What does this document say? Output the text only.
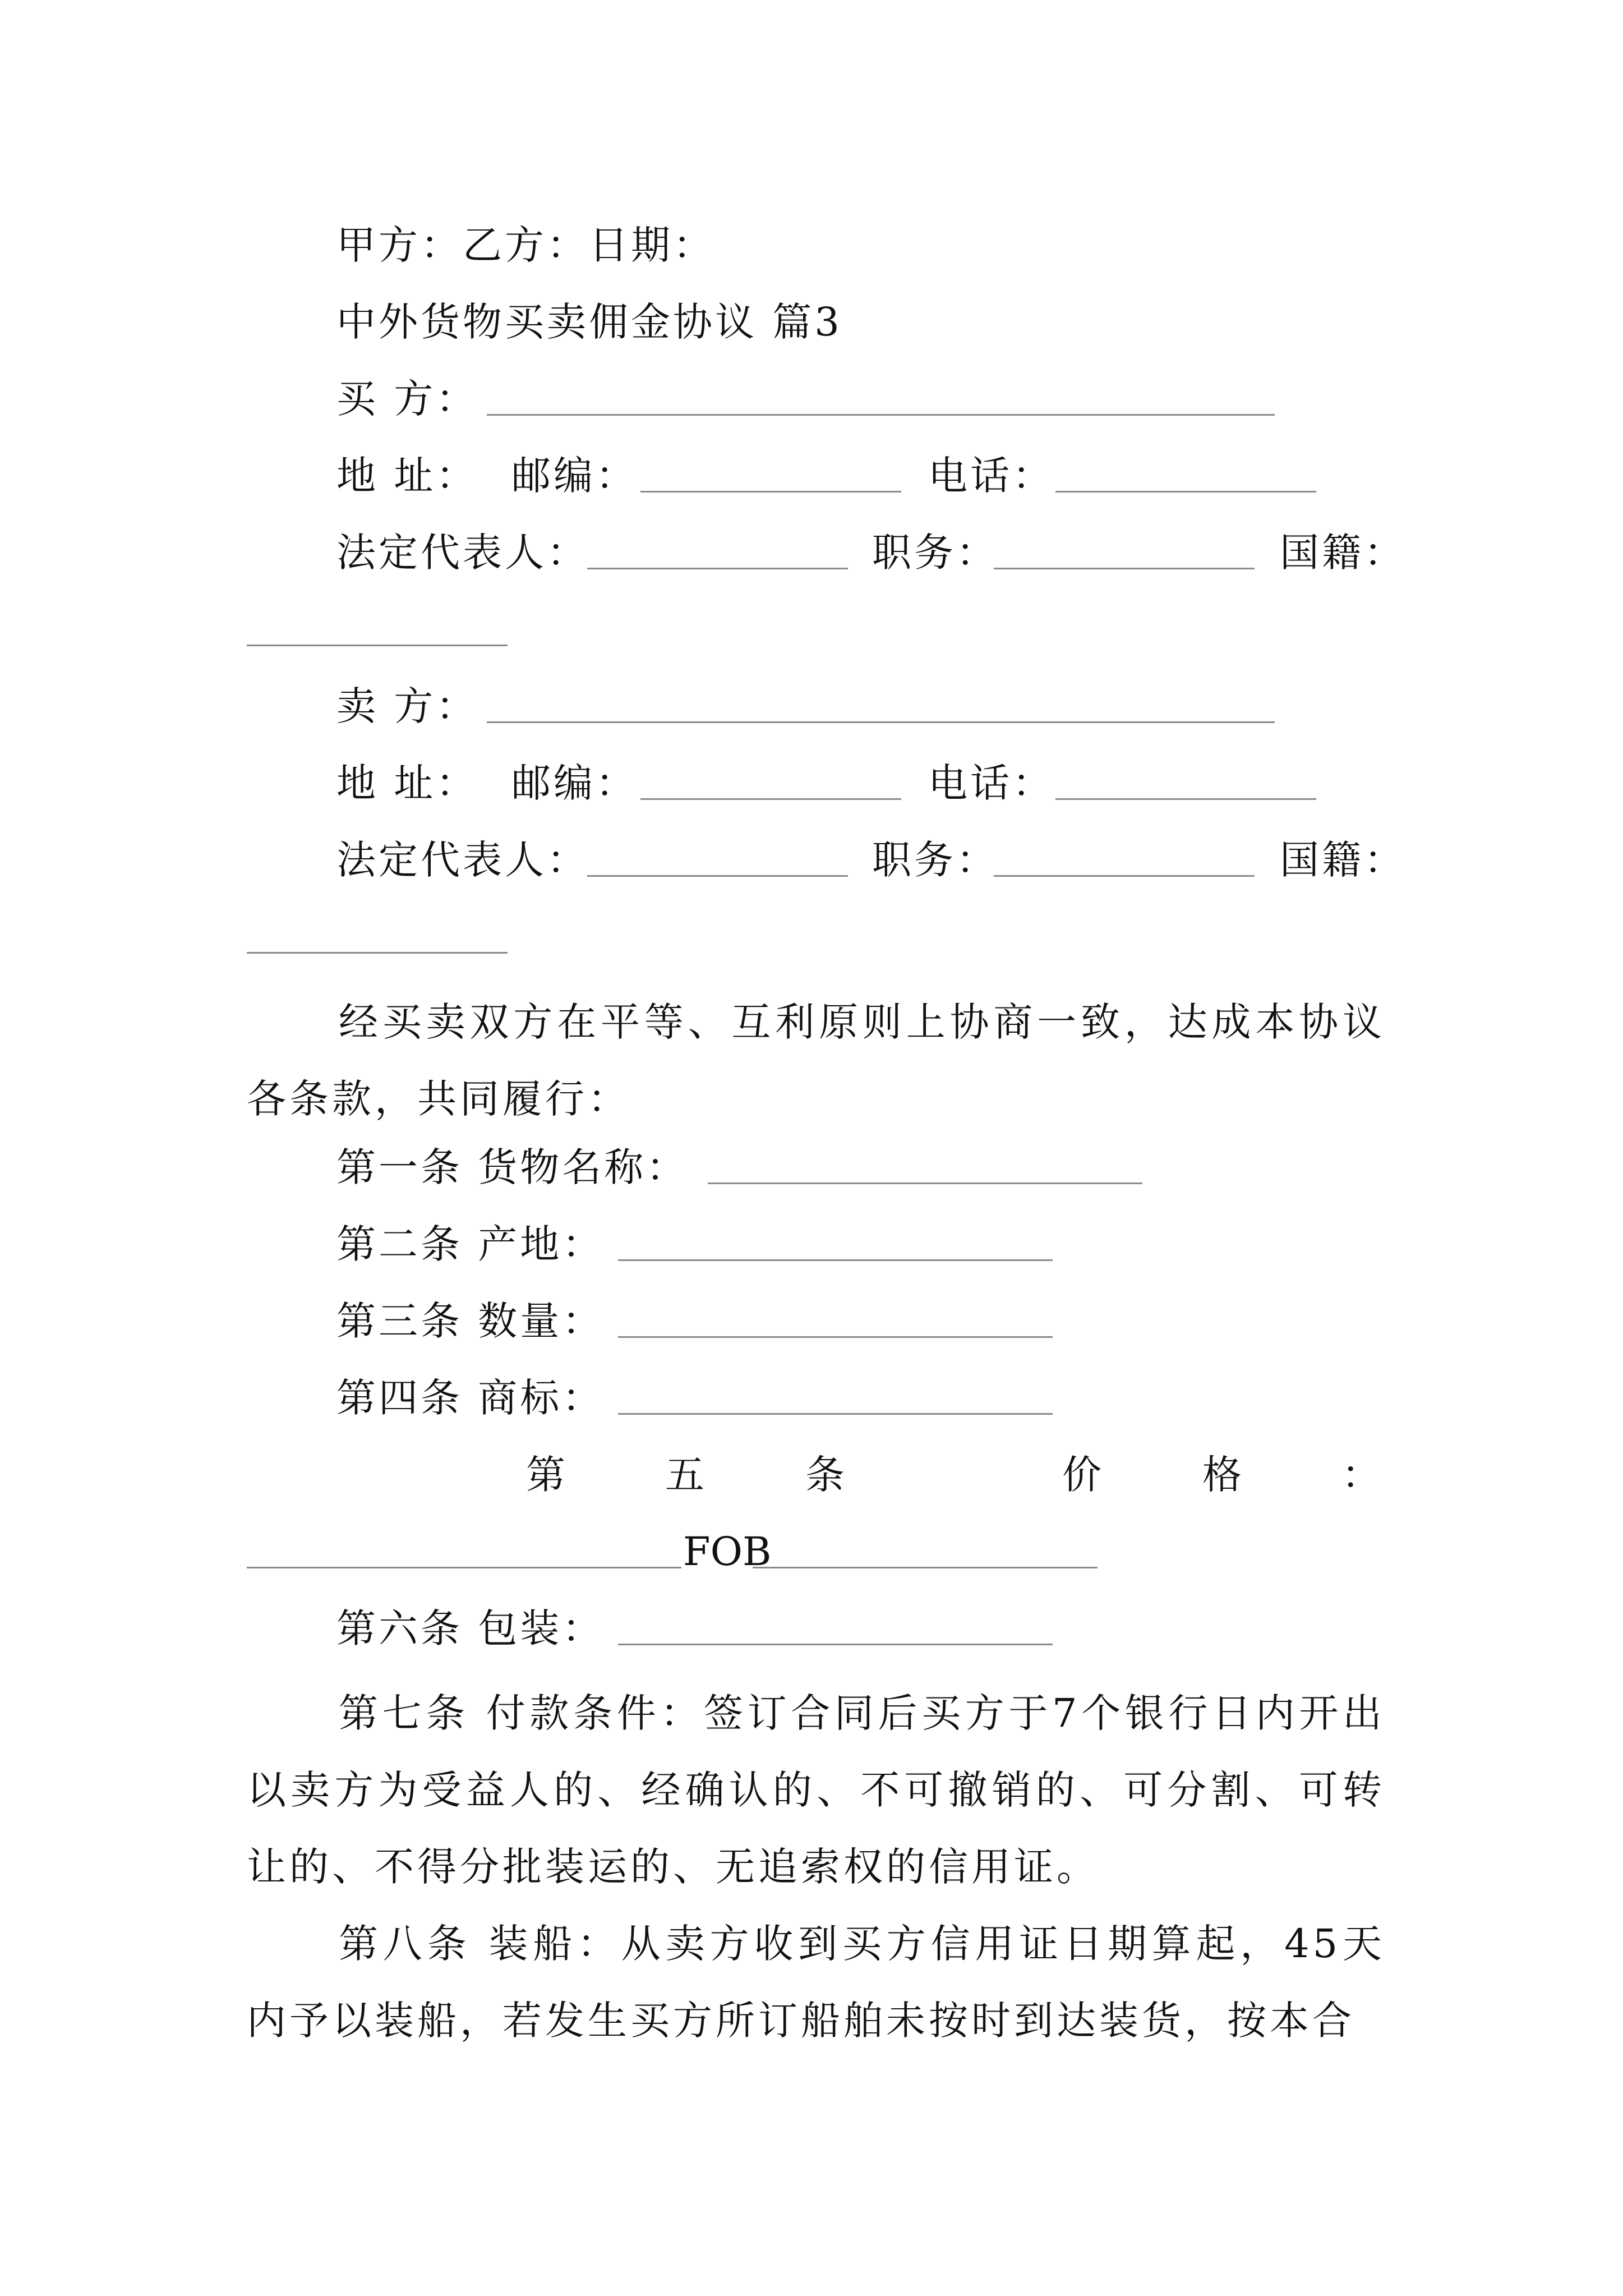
甲方：乙方：日期：
中外货物买卖佣金协议 篇3
买 方：
地 址： 邮编：	电话：
法定代表人：	职务：	国籍：
卖 方：
地 址： 邮编：	电话：
法定代表人：	职务：	国籍：
经买卖双方在平等、互利原则上协商一致，达成本协议各条款，共同履行：
第一条 货物名称：
第二条 产地：
第三条 数量：
第四条 商标：
第	五	条	价	格	：
FOB
第六条 包装：
第七条 付款条件：签订合同后买方于7个银行日内开出以卖方为受益人的、经确认的、不可撤销的、可分割、可转让的、不得分批装运的、无追索权的信用证。
第八条 装船：从卖方收到买方信用证日期算起，45天内予以装船，若发生买方所订船舶未按时到达装货，按本合
